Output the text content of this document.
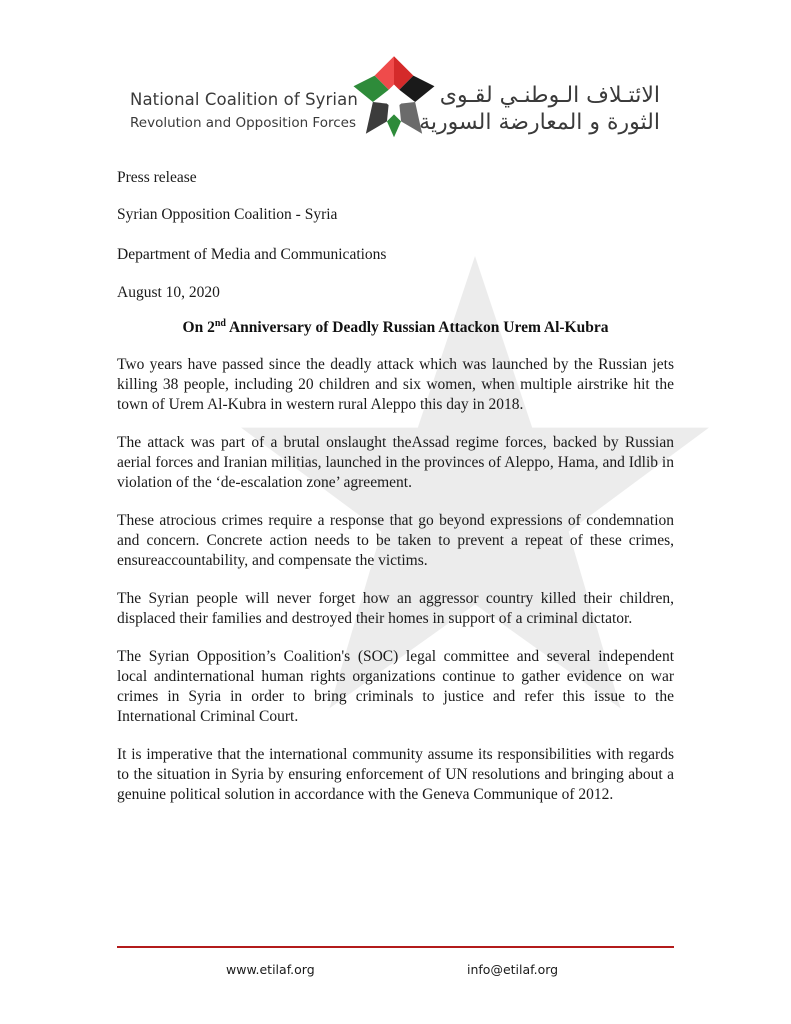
National Coalition of Syrian
Revolution and Opposition Forces
الائتـلاف الـوطنـي لقـوى
الثورة و المعارضة السورية
Press release
Syrian Opposition Coalition - Syria
Department of Media and Communications
August 10, 2020
On 2nd Anniversary of Deadly Russian Attackon Urem Al-Kubra

Two years have passed since the deadly attack which was launched by the Russian jets killing 38 people, including 20 children and six women, when multiple airstrike hit the town of Urem Al-Kubra in western rural Aleppo this day in 2018.

The attack was part of a brutal onslaught theAssad regime forces, backed by Russian aerial forces and Iranian militias, launched in the provinces of Aleppo, Hama, and Idlib in violation of the ‘de-escalation zone’ agreement.

These atrocious crimes require a response that go beyond expressions of condemnation and concern. Concrete action needs to be taken to prevent a repeat of these crimes, ensureaccountability, and compensate the victims.

The Syrian people will never forget how an aggressor country killed their children, displaced their families and destroyed their homes in support of a criminal dictator.

The Syrian Opposition’s Coalition's (SOC) legal committee and several independent local andinternational human rights organizations continue to gather evidence on war crimes in Syria in order to bring criminals to justice and refer this issue to the International Criminal Court.

It is imperative that the international community assume its responsibilities with regards to the situation in Syria by ensuring enforcement of UN resolutions and bringing about a genuine political solution in accordance with the Geneva Communique of 2012.

www.etilaf.org	info@etilaf.org
